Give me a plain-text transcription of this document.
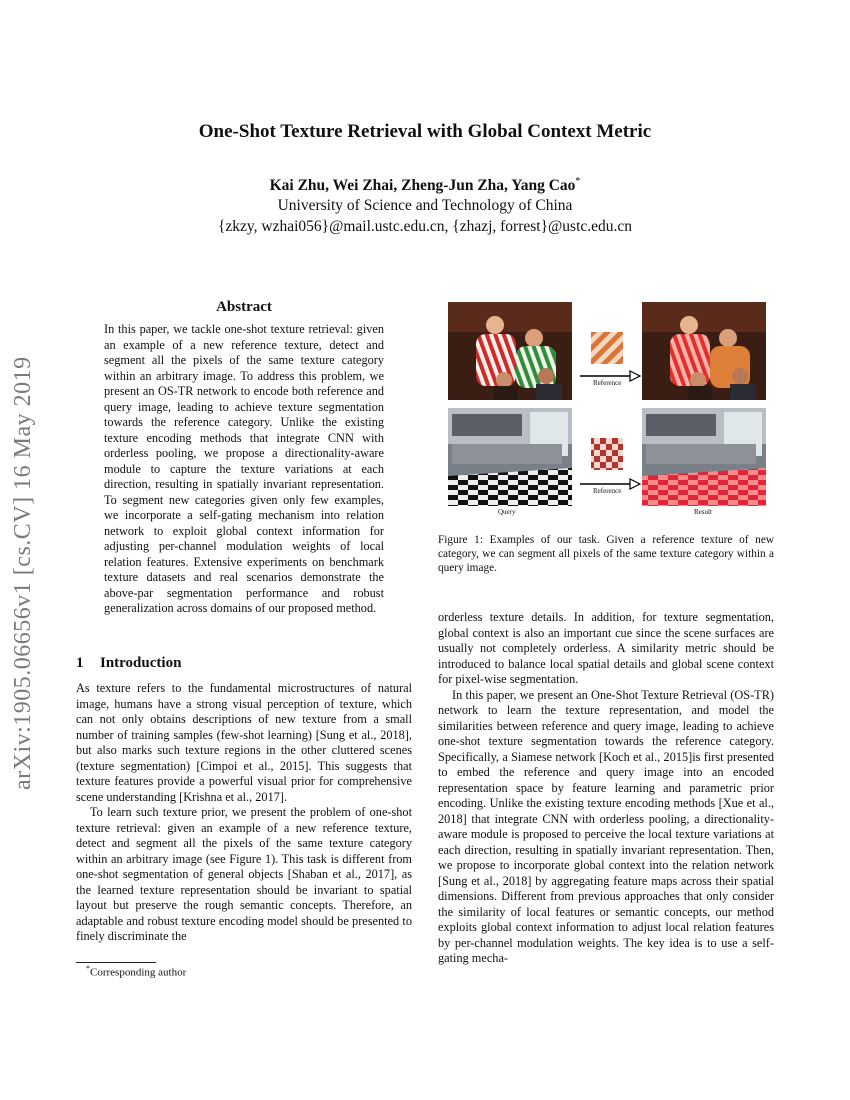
One-Shot Texture Retrieval with Global Context Metric
Kai Zhu, Wei Zhai, Zheng-Jun Zha, Yang Cao*
University of Science and Technology of China
{zkzy, wzhai056}@mail.ustc.edu.cn, {zhazj, forrest}@ustc.edu.cn
arXiv:1905.06656v1 [cs.CV] 16 May 2019
Abstract
In this paper, we tackle one-shot texture retrieval: given an example of a new reference texture, detect and segment all the pixels of the same texture category within an arbitrary image. To address this problem, we present an OS-TR network to encode both reference and query image, leading to achieve texture segmentation towards the reference category. Unlike the existing texture encoding methods that integrate CNN with orderless pooling, we propose a directionality-aware module to capture the texture variations at each direction, resulting in spatially invariant representation. To segment new categories given only few examples, we incorporate a self-gating mechanism into relation network to exploit global context information for adjusting per-channel modulation weights of local relation features. Extensive experiments on benchmark texture datasets and real scenarios demonstrate the above-par segmentation performance and robust generalization across domains of our proposed method.
1 Introduction

As texture refers to the fundamental microstructures of natural image, humans have a strong visual perception of texture, which can not only obtains descriptions of new texture from a small number of training samples (few-shot learning) [Sung et al., 2018], but also marks such texture regions in the other cluttered scenes (texture segmentation) [Cimpoi et al., 2015]. This suggests that texture features provide a powerful visual prior for comprehensive scene understanding [Krishna et al., 2017].

To learn such texture prior, we present the problem of one-shot texture retrieval: given an example of a new reference texture, detect and segment all the pixels of the same texture category within an arbitrary image (see Figure 1). This task is different from one-shot segmentation of general objects [Shaban et al., 2017], as the learned texture representation should be invariant to spatial layout but preserve the rough semantic concepts. Therefore, an adaptable and robust texture encoding model should be presented to finely discriminate the

*Corresponding author
Reference
Reference
Query	Result
Figure 1: Examples of our task. Given a reference texture of new category, we can segment all pixels of the same texture category within a query image.

orderless texture details. In addition, for texture segmentation, global context is also an important cue since the scene surfaces are usually not completely orderless. A similarity metric should be introduced to balance local spatial details and global scene context for pixel-wise segmentation.

In this paper, we present an One-Shot Texture Retrieval (OS-TR) network to learn the texture representation, and model the similarities between reference and query image, leading to achieve one-shot texture segmentation towards the reference category. Specifically, a Siamese network [Koch et al., 2015]is first presented to embed the reference and query image into an encoded representation space by feature learning and parametric prior encoding. Unlike the existing texture encoding methods [Xue et al., 2018] that integrate CNN with orderless pooling, a directionality-aware module is proposed to perceive the local texture variations at each direction, resulting in spatially invariant representation. Then, we propose to incorporate global context into the relation network [Sung et al., 2018] by aggregating feature maps across their spatial dimensions. Different from previous approaches that only consider the similarity of local features or semantic concepts, our method exploits global context information to adjust local relation features by per-channel modulation weights. The key idea is to use a self-gating mecha-
